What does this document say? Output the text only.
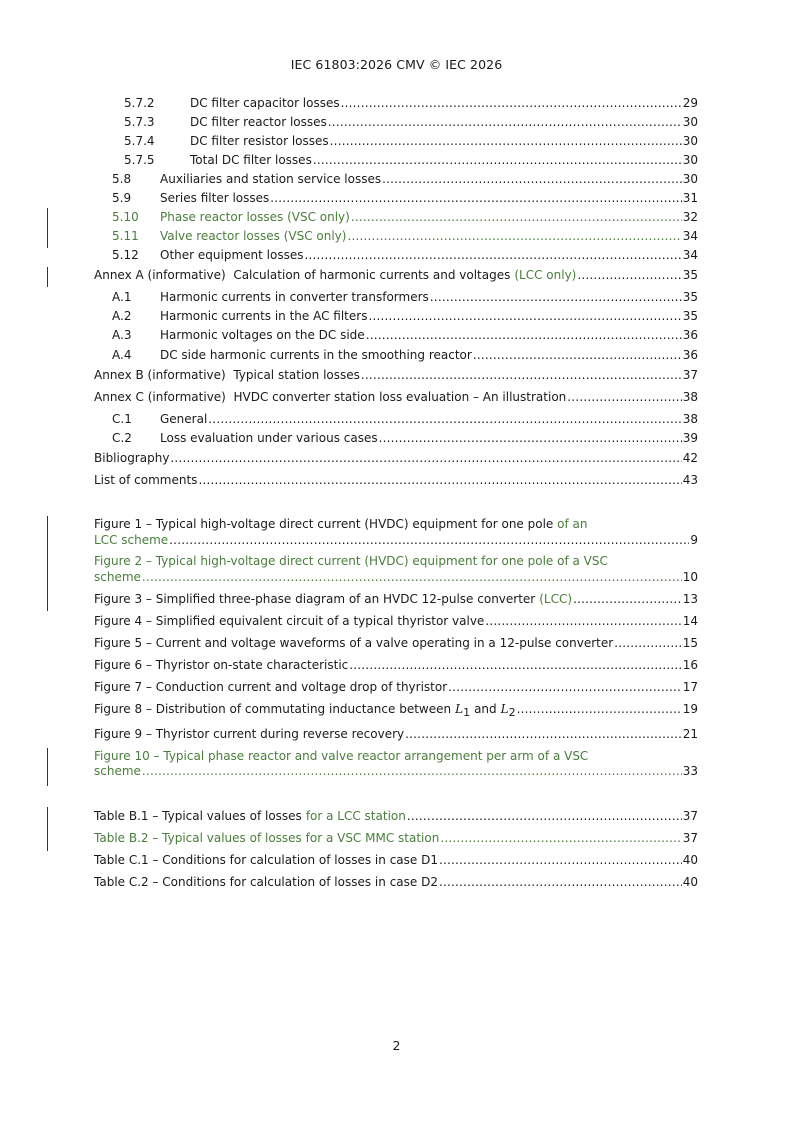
IEC 61803:2026 CMV © IEC 2026
5.7.2	DC filter capacitor losses .....	29
5.7.3	DC filter reactor losses .....	30
5.7.4	DC filter resistor losses .....	30
5.7.5	Total DC filter losses .....	30
5.8 Auxiliaries and station service losses .....	30
5.9 Series filter losses .....	31
5.10 Phase reactor losses (VSC only) .....	32
5.11 Valve reactor losses (VSC only) .....	34
5.12 Other equipment losses .....	34
Annex A (informative)  Calculation of harmonic currents and voltages (LCC only) .....	35
A.1 Harmonic currents in converter transformers .....	35
A.2 Harmonic currents in the AC filters .....	35
A.3 Harmonic voltages on the DC side .....	36
A.4 DC side harmonic currents in the smoothing reactor .....	36
Annex B (informative)  Typical station losses .....	37
Annex C (informative)  HVDC converter station loss evaluation – An illustration .....	38
C.1 General .....	38
C.2 Loss evaluation under various cases .....	39
Bibliography .....	42
List of comments .....	43
Figure 1 – Typical high-voltage direct current (HVDC) equipment for one pole of an
LCC scheme .....	9
Figure 2 – Typical high-voltage direct current (HVDC) equipment for one pole of a VSC
scheme .....	10
Figure 3 – Simplified three-phase diagram of an HVDC 12-pulse converter (LCC) .....	13
Figure 4 – Simplified equivalent circuit of a typical thyristor valve .....	14
Figure 5 – Current and voltage waveforms of a valve operating in a 12-pulse converter .....	15
Figure 6 – Thyristor on-state characteristic .....	16
Figure 7 – Conduction current and voltage drop of thyristor .....	17
Figure 8 – Distribution of commutating inductance between L1 and L2 .....	19
Figure 9 – Thyristor current during reverse recovery .....	21
Figure 10 – Typical phase reactor and valve reactor arrangement per arm of a VSC
scheme .....	33
Table B.1 – Typical values of losses for a LCC station .....	37
Table B.2 – Typical values of losses for a VSC MMC station .....	37
Table C.1 – Conditions for calculation of losses in case D1 .....	40
Table C.2 – Conditions for calculation of losses in case D2 .....	40
2
